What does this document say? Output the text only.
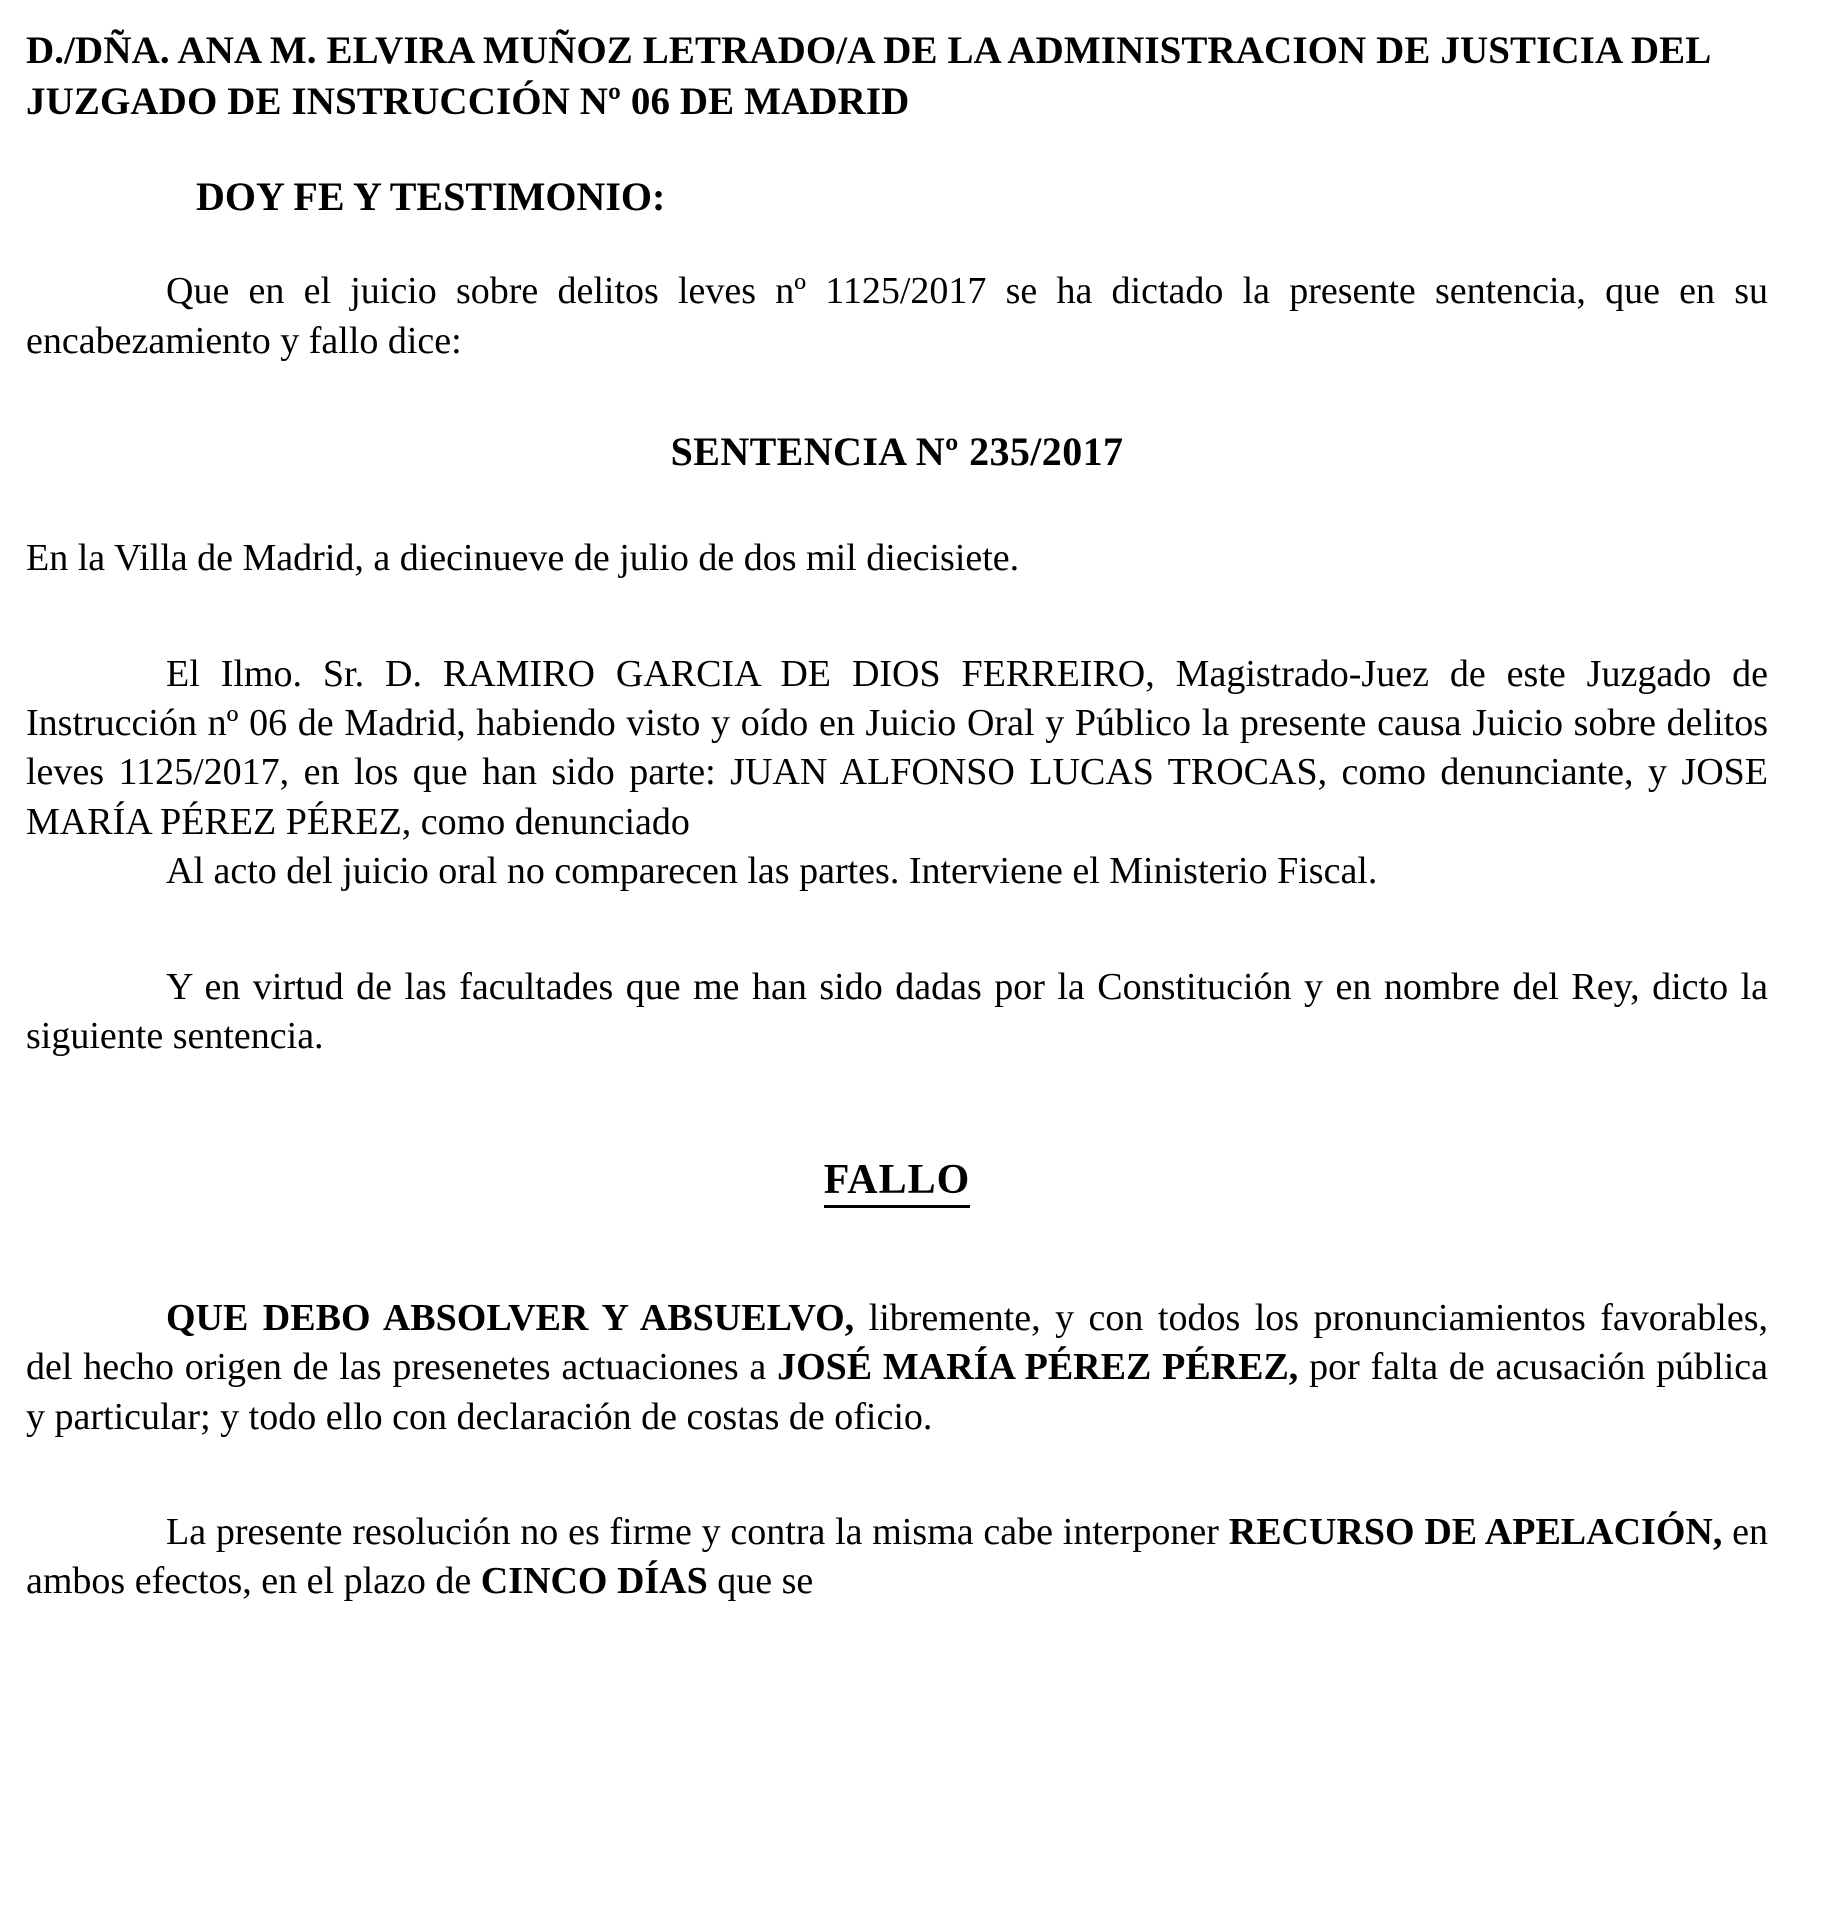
D./DÑA. ANA M. ELVIRA MUÑOZ LETRADO/A DE LA ADMINISTRACION DE JUSTICIA DEL JUZGADO DE INSTRUCCIÓN Nº 06 DE MADRID

DOY FE Y TESTIMONIO:

Que en el juicio sobre delitos leves nº 1125/2017 se ha dictado la presente sentencia, que en su encabezamiento y fallo dice:

SENTENCIA Nº 235/2017

En la Villa de Madrid, a diecinueve de julio de dos mil diecisiete.

El Ilmo. Sr. D. RAMIRO GARCIA DE DIOS FERREIRO, Magistrado-Juez de este Juzgado de Instrucción nº 06 de Madrid, habiendo visto y oído en Juicio Oral y Público la presente causa Juicio sobre delitos leves 1125/2017, en los que han sido parte: JUAN ALFONSO LUCAS TROCAS, como denunciante, y JOSE MARÍA PÉREZ PÉREZ, como denunciado

Al acto del juicio oral no comparecen las partes. Interviene el Ministerio Fiscal.

Y en virtud de las facultades que me han sido dadas por la Constitución y en nombre del Rey, dicto la siguiente sentencia.

FALLO

QUE DEBO ABSOLVER Y ABSUELVO, libremente, y con todos los pronunciamientos favorables, del hecho origen de las presenetes actuaciones a JOSÉ MARÍA PÉREZ PÉREZ, por falta de acusación pública y particular; y todo ello con declaración de costas de oficio.

La presente resolución no es firme y contra la misma cabe interponer RECURSO DE APELACIÓN, en ambos efectos, en el plazo de CINCO DÍAS que se
